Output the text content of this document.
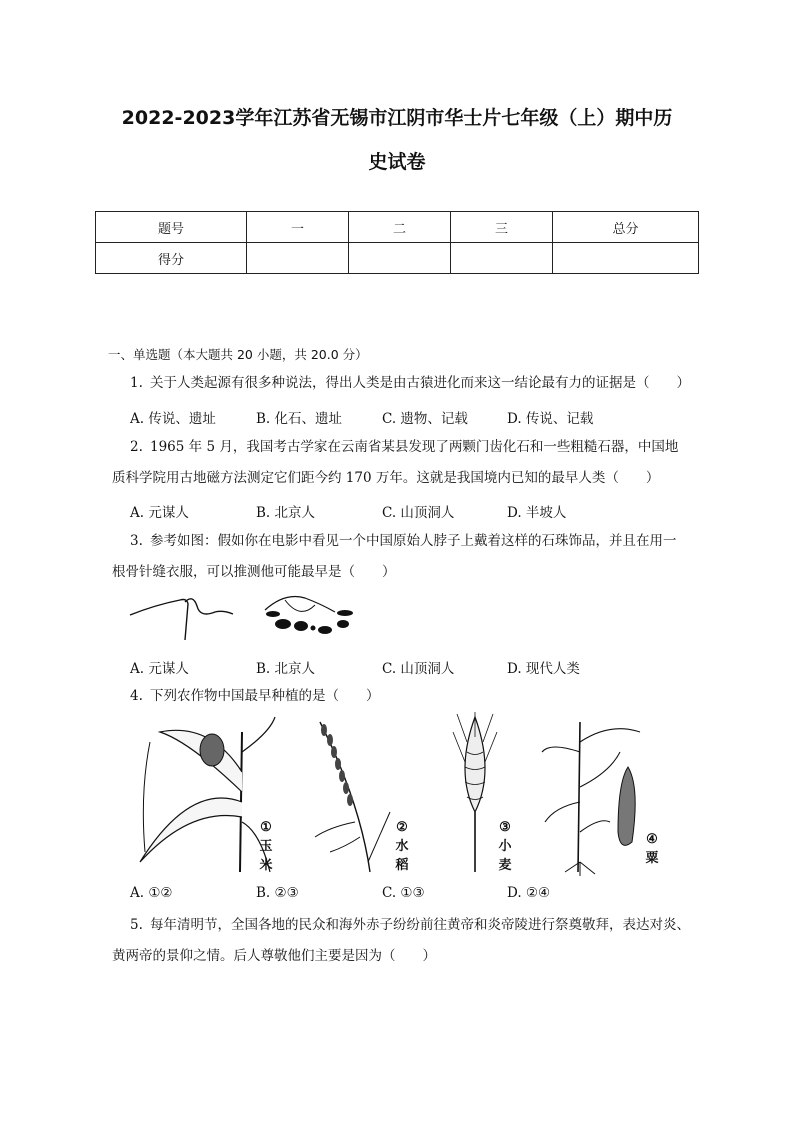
2022-2023学年江苏省无锡市江阴市华士片七年级（上）期中历
史试卷
题号	一	二	三	总分
得分				
一、单选题（本大题共 20 小题，共 20.0 分）
1. 关于人类起源有很多种说法，得出人类是由古猿进化而来这一结论最有力的证据是（　　）
A. 传说、遗址	B. 化石、遗址	C. 遗物、记载	D. 传说、记载
2. 1965 年 5 月，我国考古学家在云南省某县发现了两颗门齿化石和一些粗糙石器，中国地
质科学院用古地磁方法测定它们距今约 170 万年。这就是我国境内已知的最早人类（　　）
A. 元谋人	B. 北京人	C. 山顶洞人	D. 半坡人
3. 参考如图：假如你在电影中看见一个中国原始人脖子上戴着这样的石珠饰品，并且在用一
根骨针缝衣服，可以推测他可能最早是（　　）
A. 元谋人	B. 北京人	C. 山顶洞人	D. 现代人类
4. 下列农作物中国最早种植的是（　　）
①
玉
米
②
水
稻
③
小
麦
④
粟
A. ①②	B. ②③	C. ①③	D. ②④
5. 每年清明节，全国各地的民众和海外赤子纷纷前往黄帝和炎帝陵进行祭奠敬拜，表达对炎、
黄两帝的景仰之情。后人尊敬他们主要是因为（　　）
